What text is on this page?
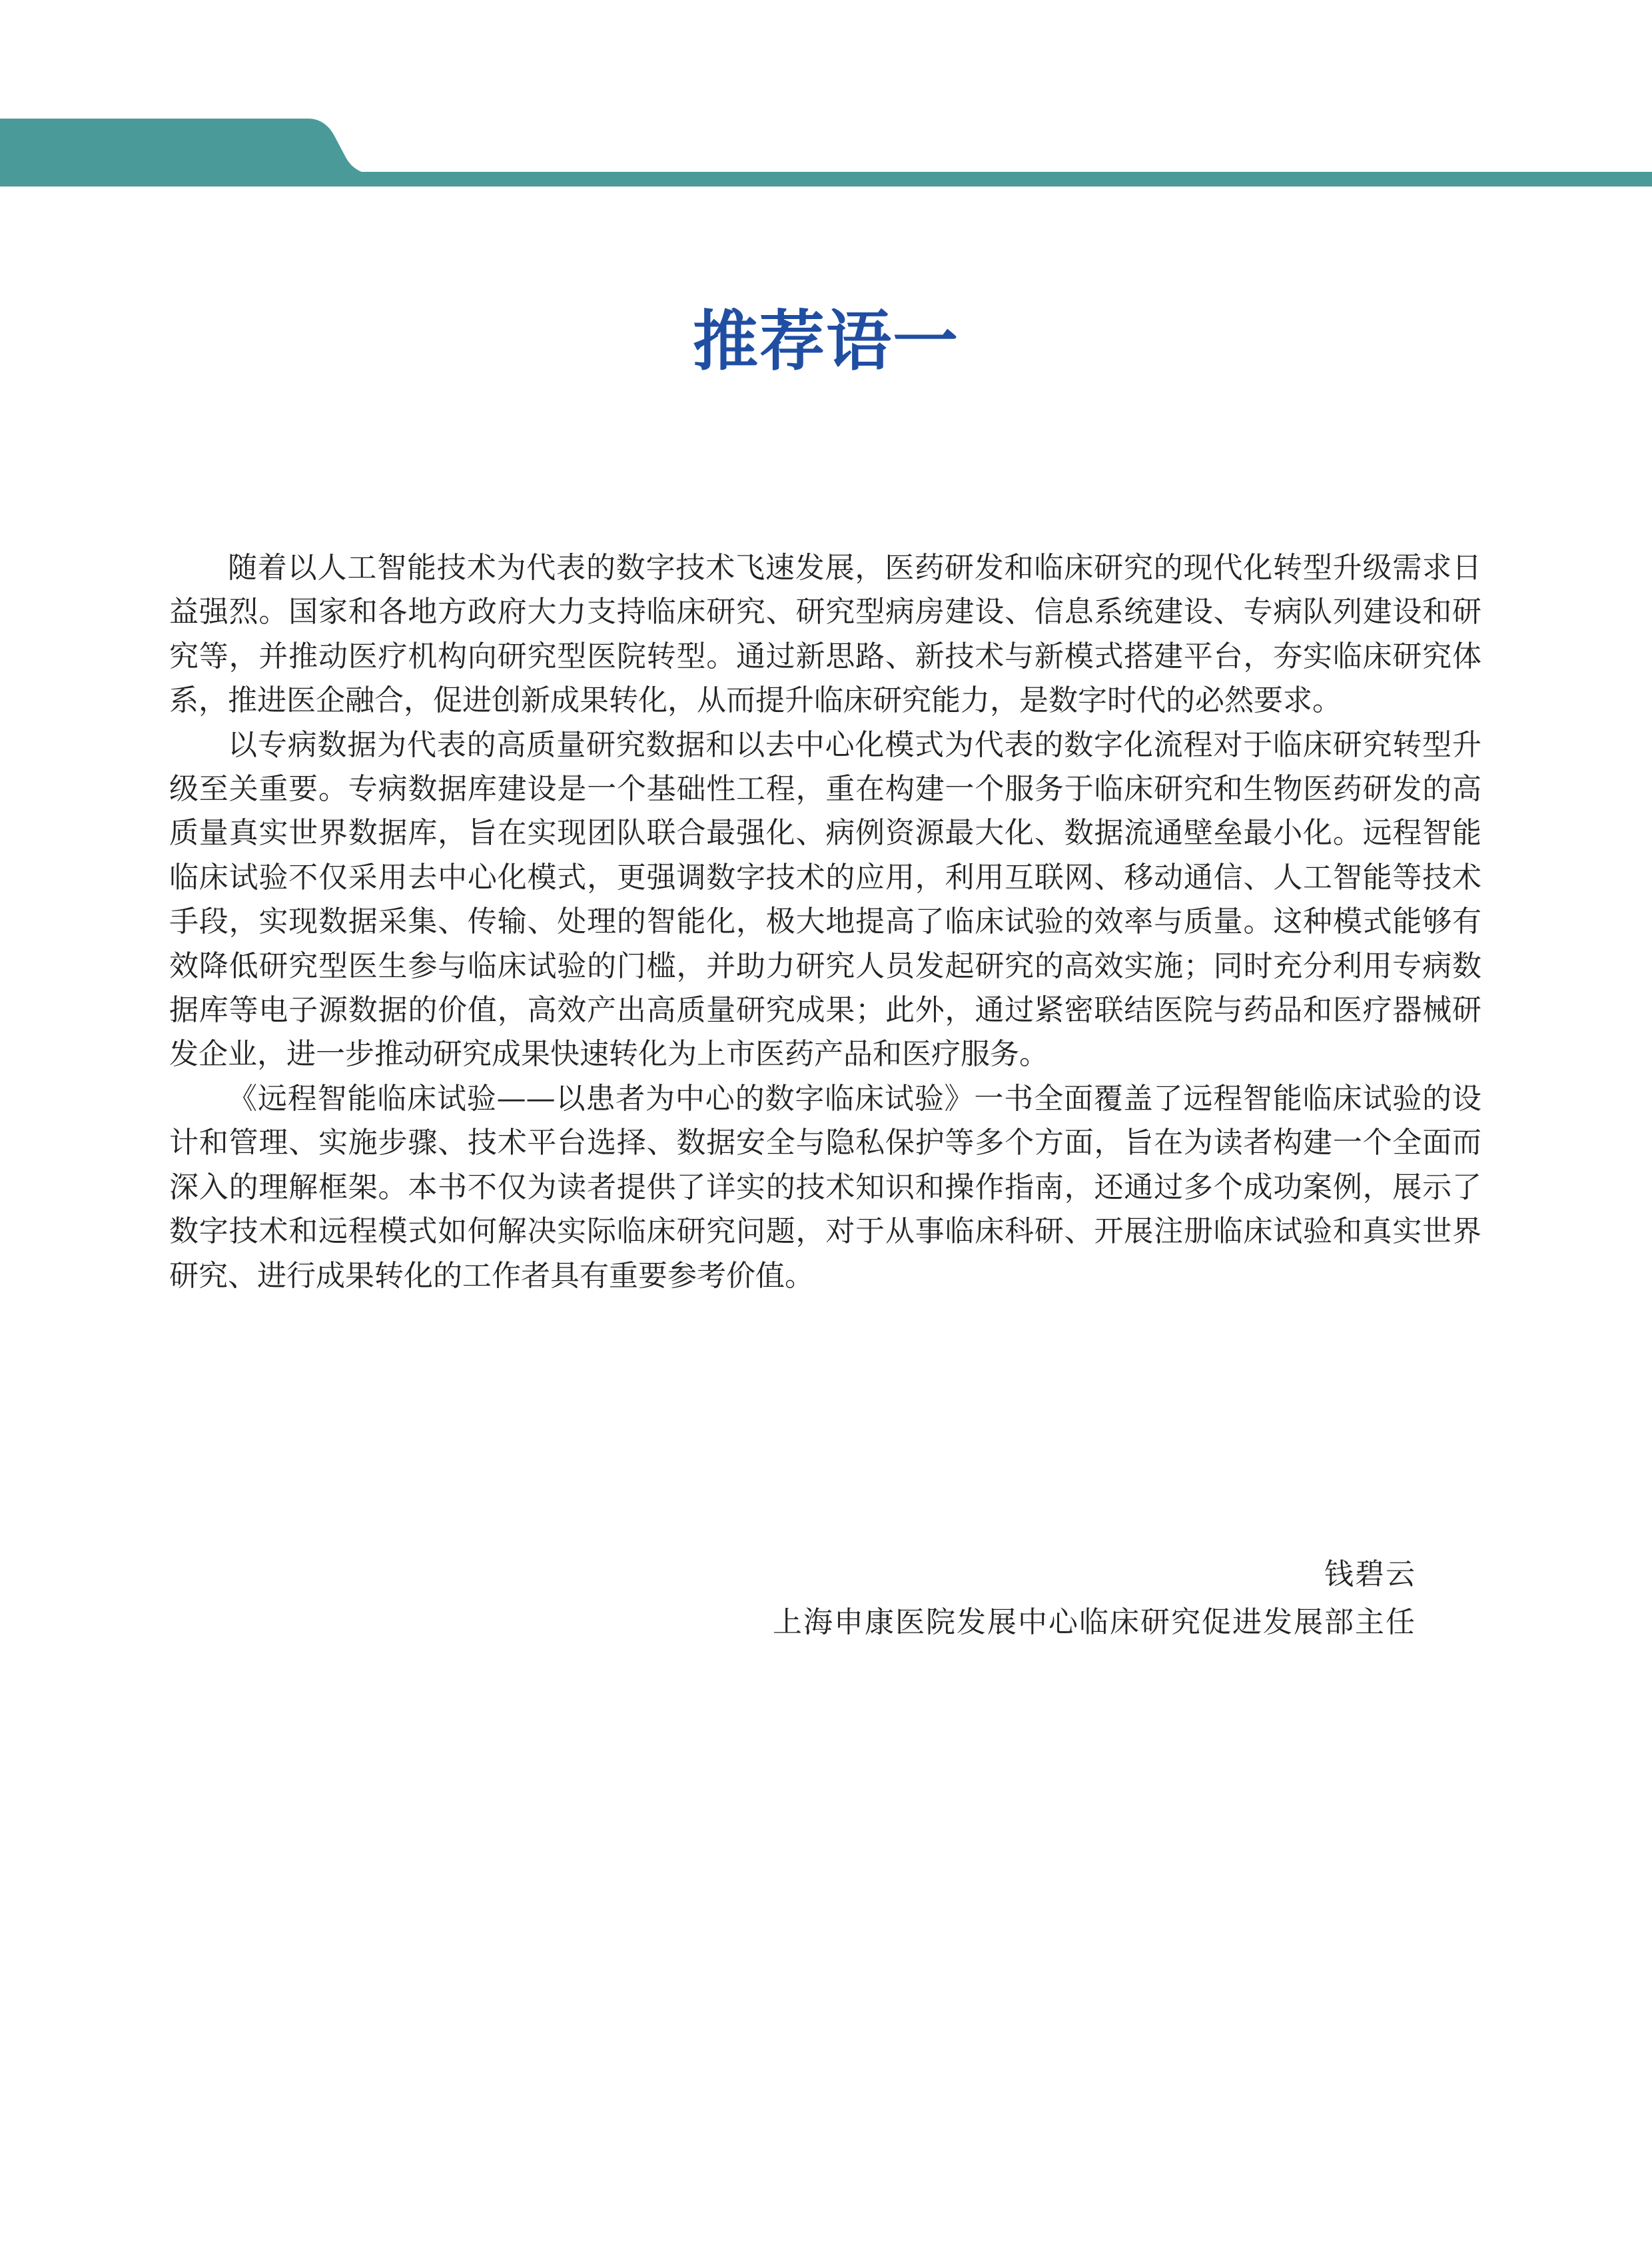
推荐语一

随着以人工智能技术为代表的数字技术飞速发展，医药研发和临床研究的现代化转型升级需求日益强烈。国家和各地方政府大力支持临床研究、研究型病房建设、信息系统建设、专病队列建设和研究等，并推动医疗机构向研究型医院转型。通过新思路、新技术与新模式搭建平台，夯实临床研究体系，推进医企融合，促进创新成果转化，从而提升临床研究能力，是数字时代的必然要求。

以专病数据为代表的高质量研究数据和以去中心化模式为代表的数字化流程对于临床研究转型升级至关重要。专病数据库建设是一个基础性工程，重在构建一个服务于临床研究和生物医药研发的高质量真实世界数据库，旨在实现团队联合最强化、病例资源最大化、数据流通壁垒最小化。远程智能临床试验不仅采用去中心化模式，更强调数字技术的应用，利用互联网、移动通信、人工智能等技术手段，实现数据采集、传输、处理的智能化，极大地提高了临床试验的效率与质量。这种模式能够有效降低研究型医生参与临床试验的门槛，并助力研究人员发起研究的高效实施；同时充分利用专病数据库等电子源数据的价值，高效产出高质量研究成果；此外，通过紧密联结医院与药品和医疗器械研发企业，进一步推动研究成果快速转化为上市医药产品和医疗服务。

《远程智能临床试验——以患者为中心的数字临床试验》一书全面覆盖了远程智能临床试验的设计和管理、实施步骤、技术平台选择、数据安全与隐私保护等多个方面，旨在为读者构建一个全面而深入的理解框架。本书不仅为读者提供了详实的技术知识和操作指南，还通过多个成功案例，展示了数字技术和远程模式如何解决实际临床研究问题，对于从事临床科研、开展注册临床试验和真实世界研究、进行成果转化的工作者具有重要参考价值。

钱碧云
上海申康医院发展中心临床研究促进发展部主任
